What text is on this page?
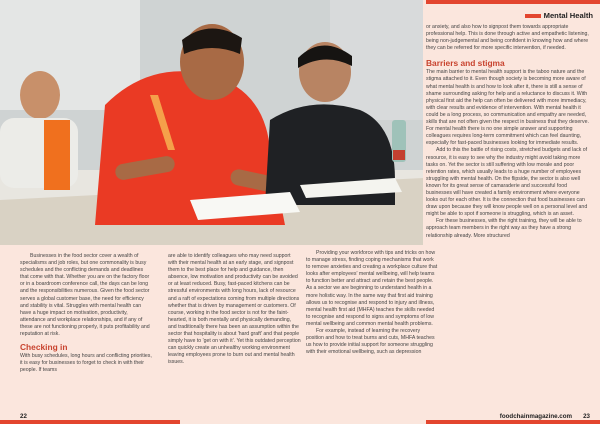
Mental Health

or anxiety, and also how to signpost them towards appropriate professional help. This is done through active and empathetic listening, being non-judgemental and being confident in knowing how and where they can be referred for more specific intervention, if needed.

Barriers and stigma

The main barrier to mental health support is the taboo nature and the stigma attached to it. Even though society is becoming more aware of what mental health is and how to look after it, there is still a sense of shame surrounding asking for help and a reluctance to discuss it. With physical first aid the help can often be delivered with more immediacy, with clear results and evidence of intervention. With mental health it could be a long process, so communication and empathy are needed, skills that are not often given the respect in business that they deserve. For mental health there is no one simple answer and supporting colleagues requires long-term commitment which can feel daunting, especially for fast-paced businesses looking for immediate results.

Add to this the battle of rising costs, stretched budgets and lack of resource, it is easy to see why the industry might avoid taking more tasks on. Yet the sector is still suffering with low morale and poor retention rates, which usually leads to a huge number of employees struggling with mental health. On the flipside, the sector is also well known for its great sense of camaraderie and successful food businesses will have created a family environment where everyone looks out for each other. It is the connection that food businesses can draw upon because they will know people well on a personal level and might be able to spot if someone is struggling, which is an asset.

For these businesses, with the right training, they will be able to approach team members in the right way as they have a strong relationship already. More structured

Businesses in the food sector cover a wealth of specialisms and job roles, but one commonality is busy schedules and the conflicting demands and deadlines that come with that. Whether you are on the factory floor or in a boardroom conference call, the days can be long and the responsibilities numerous. Given the food sector serves a global customer base, the need for efficiency and stability is vital. Struggles with mental health can have a huge impact on motivation, productivity, attendance and workplace relationships, and if any of these are not functioning properly, it puts profitability and reputation at risk.

Checking in

With busy schedules, long hours and conflicting priorities, it is easy for businesses to forget to check in with their people. If teams

are able to identify colleagues who may need support with their mental health at an early stage, and signpost them to the best place for help and guidance, then absence, low motivation and productivity can be avoided or at least reduced. Busy, fast-paced kitchens can be stressful environments with long hours, lack of resource and a raft of expectations coming from multiple directions whether that is driven by management or customers. Of course, working in the food sector is not for the faint-hearted, it is both mentally and physically demanding, and traditionally there has been an assumption within the sector that hospitality is about 'hard graft' and that people simply have to 'get on with it'. Yet this outdated perception can quickly create an unhealthy working environment leaving employees prone to burn out and mental health issues.

Providing your workforce with tips and tricks on how to manage stress, finding coping mechanisms that work to remove anxieties and creating a workplace culture that looks after employees' mental wellbeing, will help teams to function better and attract and retain the best people. As a sector we are beginning to understand health in a more holistic way. In the same way that first aid training allows us to recognise and respond to injury and illness, mental health first aid (MHFA) teaches the skills needed to recognise and respond to signs and symptoms of low mental wellbeing and common mental health problems.

For example, instead of learning the recovery position and how to treat burns and cuts, MHFA teaches us how to provide initial support for someone struggling with their emotional wellbeing, such as depression

22	foodchainmagazine.com 23
